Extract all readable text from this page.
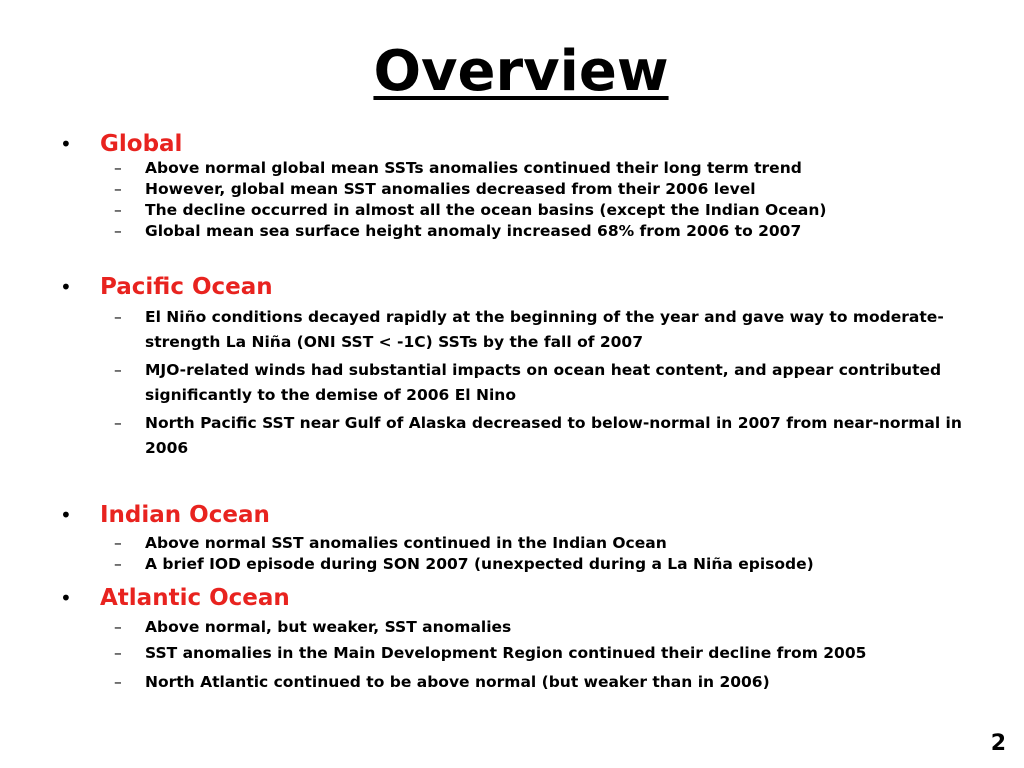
Overview
• Global
–	Above normal global mean SSTs anomalies continued their long term trend
–	However, global mean SST anomalies decreased from their 2006 level
–	The decline occurred in almost all the ocean basins (except the Indian Ocean)
–	Global mean sea surface height anomaly increased 68% from 2006 to 2007
• Pacific Ocean
–	El Niño conditions decayed rapidly at the beginning of the year and gave way to moderate-strength La Niña (ONI SST < -1C) SSTs by the fall of 2007
–	MJO-related winds had substantial impacts on ocean heat content, and appear contributed significantly to the demise of 2006 El Nino
–	North Pacific SST near Gulf of Alaska decreased to below-normal in 2007 from near-normal in 2006
• Indian Ocean
–	Above normal SST anomalies continued in the Indian Ocean
–	A brief IOD episode during SON 2007 (unexpected during a La Niña episode)
• Atlantic Ocean
–	Above normal, but weaker, SST anomalies
–	SST anomalies in the Main Development Region continued their decline from 2005
–	North Atlantic continued to be above normal (but weaker than in 2006)
2
